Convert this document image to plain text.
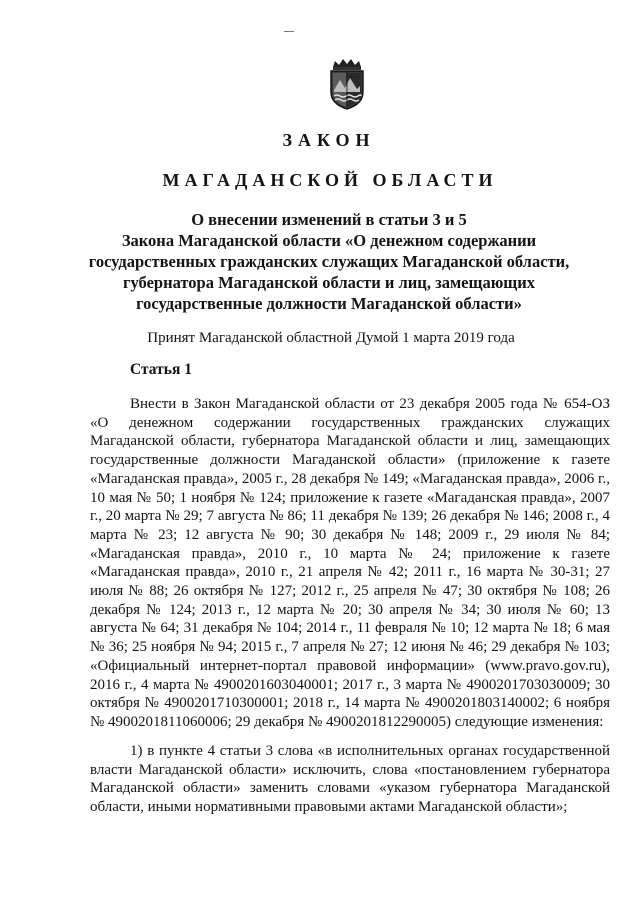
ЗАКОН
МАГАДАНСКОЙ ОБЛАСТИ
О внесении изменений в статьи 3 и 5
Закона Магаданской области «О денежном содержании
государственных гражданских служащих Магаданской области,
губернатора Магаданской области и лиц, замещающих
государственные должности Магаданской области»
Принят Магаданской областной Думой 1 марта 2019 года
Статья 1
Внести в Закон Магаданской области от 23 декабря 2005 года № 654-ОЗ «О денежном содержании государственных гражданских служащих Магаданской области, губернатора Магаданской области и лиц, замещающих государственные должности Магаданской области» (приложение к газете «Магаданская правда», 2005 г., 28 декабря № 149; «Магаданская правда», 2006 г., 10 мая № 50; 1 ноября № 124; приложение к газете «Магаданская правда», 2007 г., 20 марта № 29; 7 августа № 86; 11 декабря № 139; 26 декабря № 146; 2008 г., 4 марта № 23; 12 августа № 90; 30 декабря № 148; 2009 г., 29 июля № 84; «Магаданская правда», 2010 г., 10 марта № 24; приложение к газете «Магаданская правда», 2010 г., 21 апреля № 42; 2011 г., 16 марта № 30-31; 27 июля № 88; 26 октября № 127; 2012 г., 25 апреля № 47; 30 октября № 108; 26 декабря № 124; 2013 г., 12 марта № 20; 30 апреля № 34; 30 июля № 60; 13 августа № 64; 31 декабря № 104; 2014 г., 11 февраля № 10; 12 марта № 18; 6 мая № 36; 25 ноября № 94; 2015 г., 7 апреля № 27; 12 июня № 46; 29 декабря № 103; «Официальный интернет-портал правовой информации» (www.pravo.gov.ru), 2016 г., 4 марта № 4900201603040001; 2017 г., 3 марта № 4900201703030009; 30 октября № 4900201710300001; 2018 г., 14 марта № 4900201803140002; 6 ноября № 4900201811060006; 29 декабря № 4900201812290005) следующие изменения:
1) в пункте 4 статьи 3 слова «в исполнительных органах государственной власти Магаданской области» исключить, слова «постановлением губернатора Магаданской области» заменить словами «указом губернатора Магаданской области, иными нормативными правовыми актами Магаданской области»;
